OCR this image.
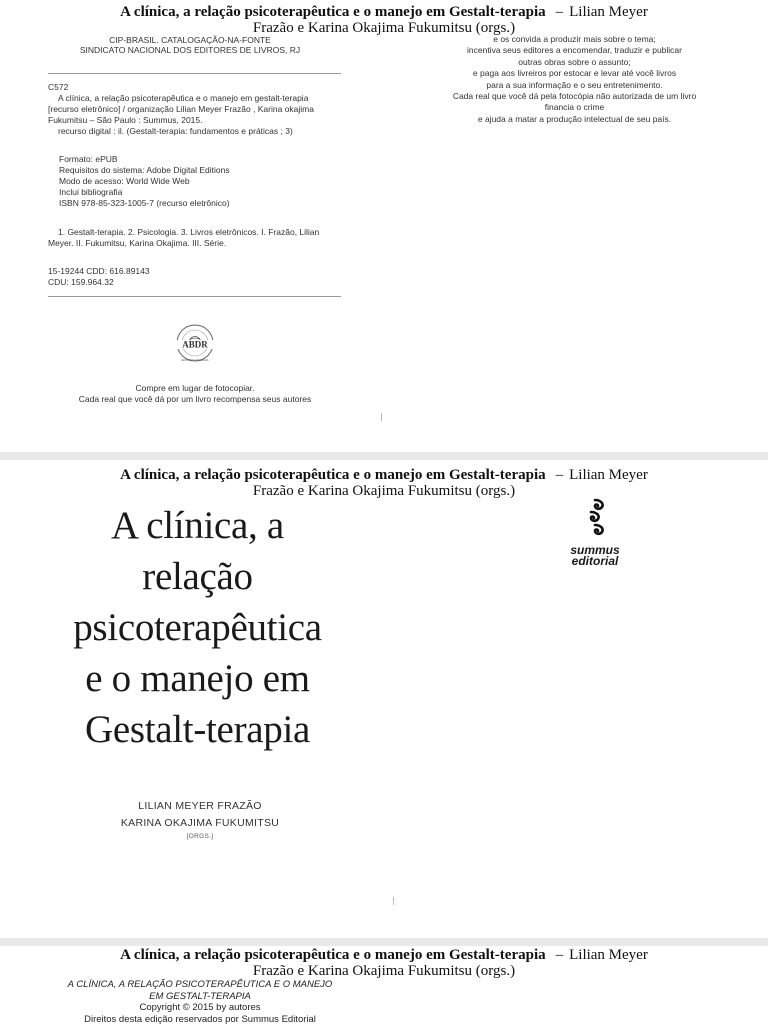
A clínica, a relação psicoterapêutica e o manejo em Gestalt-terapia – Lilian Meyer
Frazão e Karina Okajima Fukumitsu (orgs.)
CIP-BRASIL. CATALOGAÇÃO-NA-FONTE
SINDICATO NACIONAL DOS EDITORES DE LIVROS, RJ
e os convida a produzir mais sobre o tema;
incentiva seus editores a encomendar, traduzir e publicar
outras obras sobre o assunto;
e paga aos livreiros por estocar e levar até você livros
para a sua informação e o seu entretenimento.
Cada real que você dá pela fotocópia não autorizada de um livro
financia o crime
e ajuda a matar a produção intelectual de seu país.
C572
A clínica, a relação psicoterapêutica e o manejo em gestalt-terapia
[recurso eletrônico] / organização Lilian Meyer Frazão , Karina okajima
Fukumitsu – São Paulo : Summus, 2015.
recurso digital : il. (Gestalt-terapia: fundamentos e práticas ; 3)
Formato: ePUB
Requisitos do sistema: Adobe Digital Editions
Modo de acesso: World Wide Web
Inclui bibliografia
ISBN 978-85-323-1005-7 (recurso eletrônico)
1. Gestalt-terapia. 2. Psicologia. 3. Livros eletrônicos. I. Frazão, Lilian
Meyer. II. Fukumitsu, Karina Okajima. III. Série.
15-19244 CDD: 616.89143
CDU: 159.964.32
ABDR
EDITORA AFILIADA
Compre em lugar de fotocopiar.
Cada real que você dá por um livro recompensa seus autores
A clínica, a relação psicoterapêutica e o manejo em Gestalt-terapia – Lilian Meyer
Frazão e Karina Okajima Fukumitsu (orgs.)
A clínica, a
relação
psicoterapêutica
e o manejo em
Gestalt-terapia
summus
editorial
LILIAN MEYER FRAZÃO
KARINA OKAJIMA FUKUMITSU
[ORGS.]
A clínica, a relação psicoterapêutica e o manejo em Gestalt-terapia – Lilian Meyer
Frazão e Karina Okajima Fukumitsu (orgs.)
A CLÍNICA, A RELAÇÃO PSICOTERAPÊUTICA E O MANEJO
EM GESTALT-TERAPIA
Copyright © 2015 by autores
Direitos desta edição reservados por Summus Editorial
